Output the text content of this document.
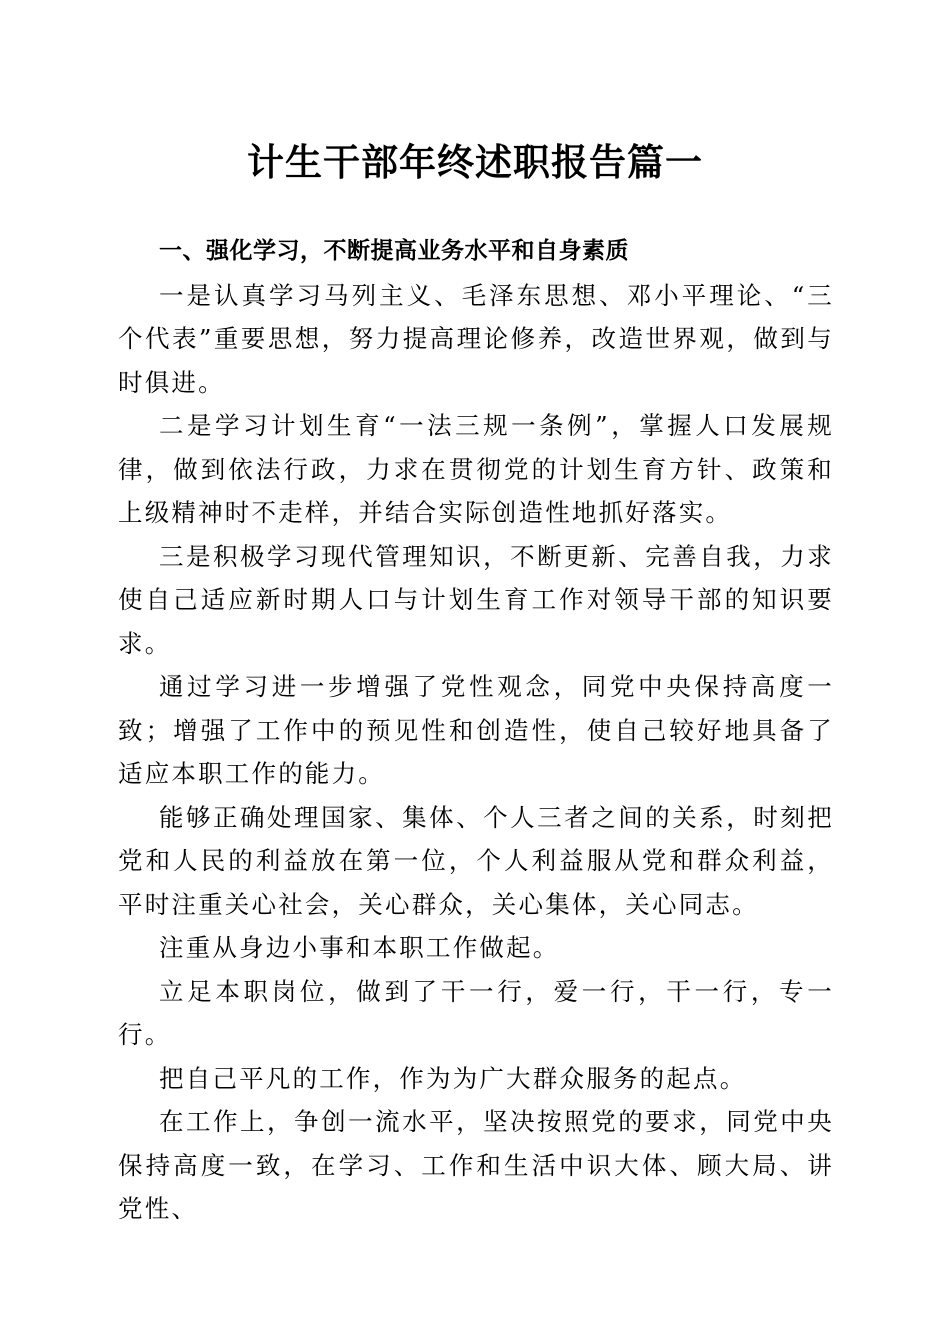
计生干部年终述职报告篇一

一、强化学习，不断提高业务水平和自身素质

一是认真学习马列主义、毛泽东思想、邓小平理论、“三个代表”重要思想，努力提高理论修养，改造世界观，做到与时俱进。

二是学习计划生育“一法三规一条例”，掌握人口发展规律，做到依法行政，力求在贯彻党的计划生育方针、政策和上级精神时不走样，并结合实际创造性地抓好落实。

三是积极学习现代管理知识，不断更新、完善自我，力求使自己适应新时期人口与计划生育工作对领导干部的知识要求。

通过学习进一步增强了党性观念，同党中央保持高度一致；增强了工作中的预见性和创造性，使自己较好地具备了适应本职工作的能力。

能够正确处理国家、集体、个人三者之间的关系，时刻把党和人民的利益放在第一位，个人利益服从党和群众利益，平时注重关心社会，关心群众，关心集体，关心同志。

注重从身边小事和本职工作做起。

立足本职岗位，做到了干一行，爱一行，干一行，专一行。

把自己平凡的工作，作为为广大群众服务的起点。

在工作上，争创一流水平，坚决按照党的要求，同党中央保持高度一致，在学习、工作和生活中识大体、顾大局、讲党性、
